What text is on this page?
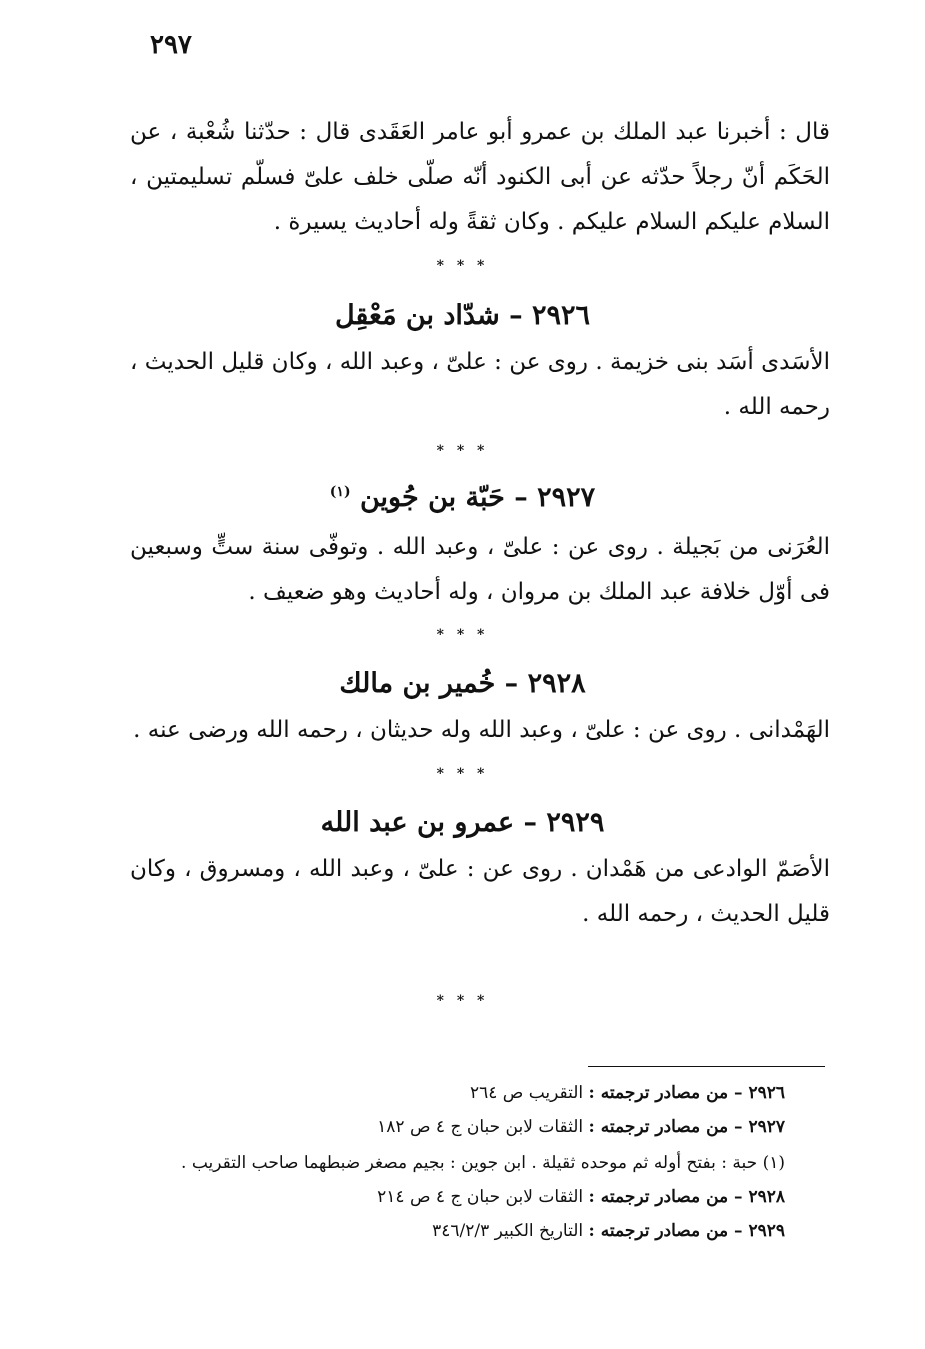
٢٩٧
قال : أخبرنا عبد الملك بن عمرو أبو عامر العَقَدى قال : حدّثنا شُعْبة ، عن الحَكَم أنّ رجلاً حدّثه عن أبى الكنود أنّه صلّى خلف علىّ فسلّم تسليمتين ، السلام عليكم السلام عليكم . وكان ثقةً وله أحاديث يسيرة .
* * *
٢٩٢٦ – شدّاد بن مَعْقِل
الأسَدى أسَد بنى خزيمة . روى عن : علىّ ، وعبد الله ، وكان قليل الحديث ، رحمه الله .
* * *
٢٩٢٧ – حَبّة بن جُوين $^{(١)}$
العُرَنى من بَجيلة . روى عن : علىّ ، وعبد الله . وتوفّى سنة ستٍّ وسبعين فى أوّل خلافة عبد الملك بن مروان ، وله أحاديث وهو ضعيف .
* * *
٢٩٢٨ – خُمير بن مالك
الهَمْدانى . روى عن : علىّ ، وعبد الله وله حديثان ، رحمه الله ورضى عنه .
* * *
٢٩٢٩ – عمرو بن عبد الله
الأصَمّ الوادعى من هَمْدان . روى عن : علىّ ، وعبد الله ، ومسروق ، وكان قليل الحديث ، رحمه الله .
* * *
٢٩٢٦ – من مصادر ترجمته : التقريب ص ٢٦٤
٢٩٢٧ – من مصادر ترجمته : الثقات لابن حبان ج ٤ ص ١٨٢
(١) حبة : بفتح أوله ثم موحده ثقيلة . ابن جوين : بجيم مصغر ضبطهما صاحب التقريب .
٢٩٢٨ – من مصادر ترجمته : الثقات لابن حبان ج ٤ ص ٢١٤
٢٩٢٩ – من مصادر ترجمته : التاريخ الكبير ٣٤٦/٢/٣
